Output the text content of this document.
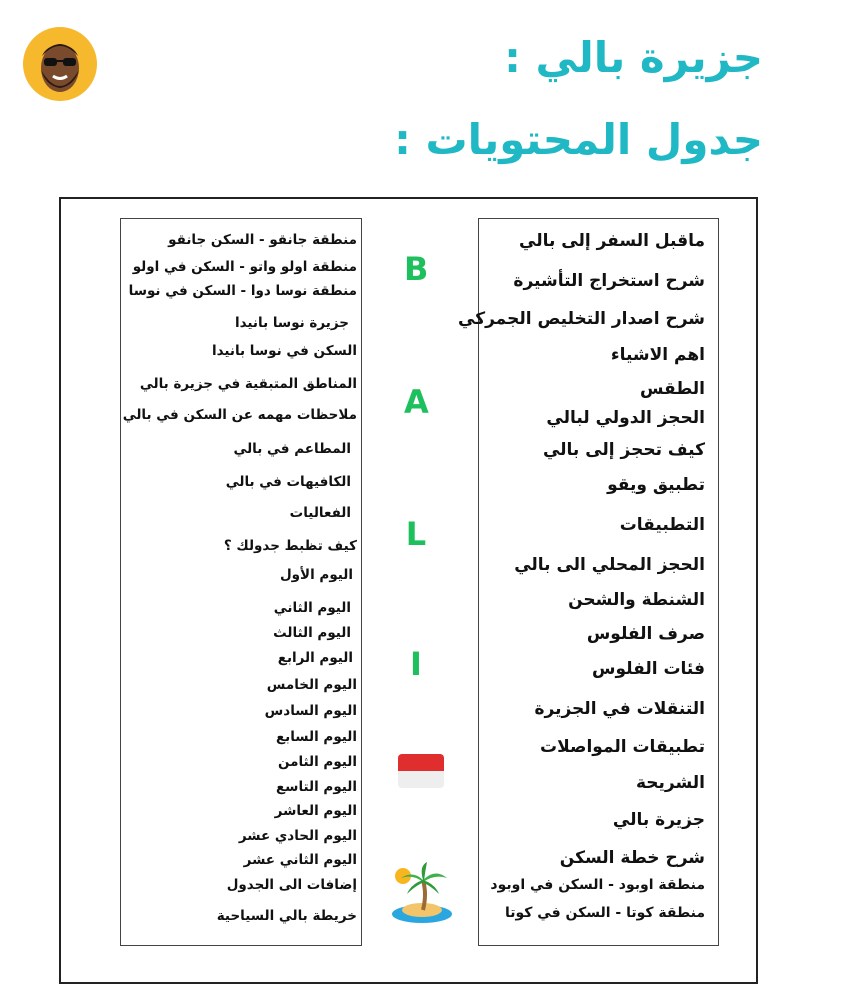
جزيرة بالي :
جدول المحتويات :
ماقبل السفر إلى بالي
شرح استخراج التأشيرة
شرح اصدار التخليص الجمركي
اهم الاشياء
الطقس
الحجز الدولي لبالي
كيف تحجز إلى بالي
تطبيق ويقو
التطبيقات
الحجز المحلي الى بالي
الشنطة والشحن
صرف الفلوس
فئات الفلوس
التنقلات في الجزيرة
تطبيقات المواصلات
الشريحة
جزيرة بالي
شرح خطة السكن
منطقة اوبود - السكن في اوبود
منطقة كوتا - السكن في كوتا
منطقة جانقو - السكن جانقو
منطقة اولو واتو - السكن في اولو
منطقة نوسا دوا - السكن في نوسا
جزيرة نوسا بانيدا
السكن في نوسا بانيدا
المناطق المتبقية في جزيرة بالي
ملاحظات مهمه عن السكن في بالي
المطاعم في بالي
الكافيهات في بالي
الفعاليات
كيف تظبط جدولك ؟
اليوم الأول
اليوم الثاني
اليوم الثالث
اليوم الرابع
اليوم الخامس
اليوم السادس
اليوم السابع
اليوم الثامن
اليوم التاسع
اليوم العاشر
اليوم الحادي عشر
اليوم الثاني عشر
إضافات الى الجدول
خريطة بالي السياحية
B
A
L
I
